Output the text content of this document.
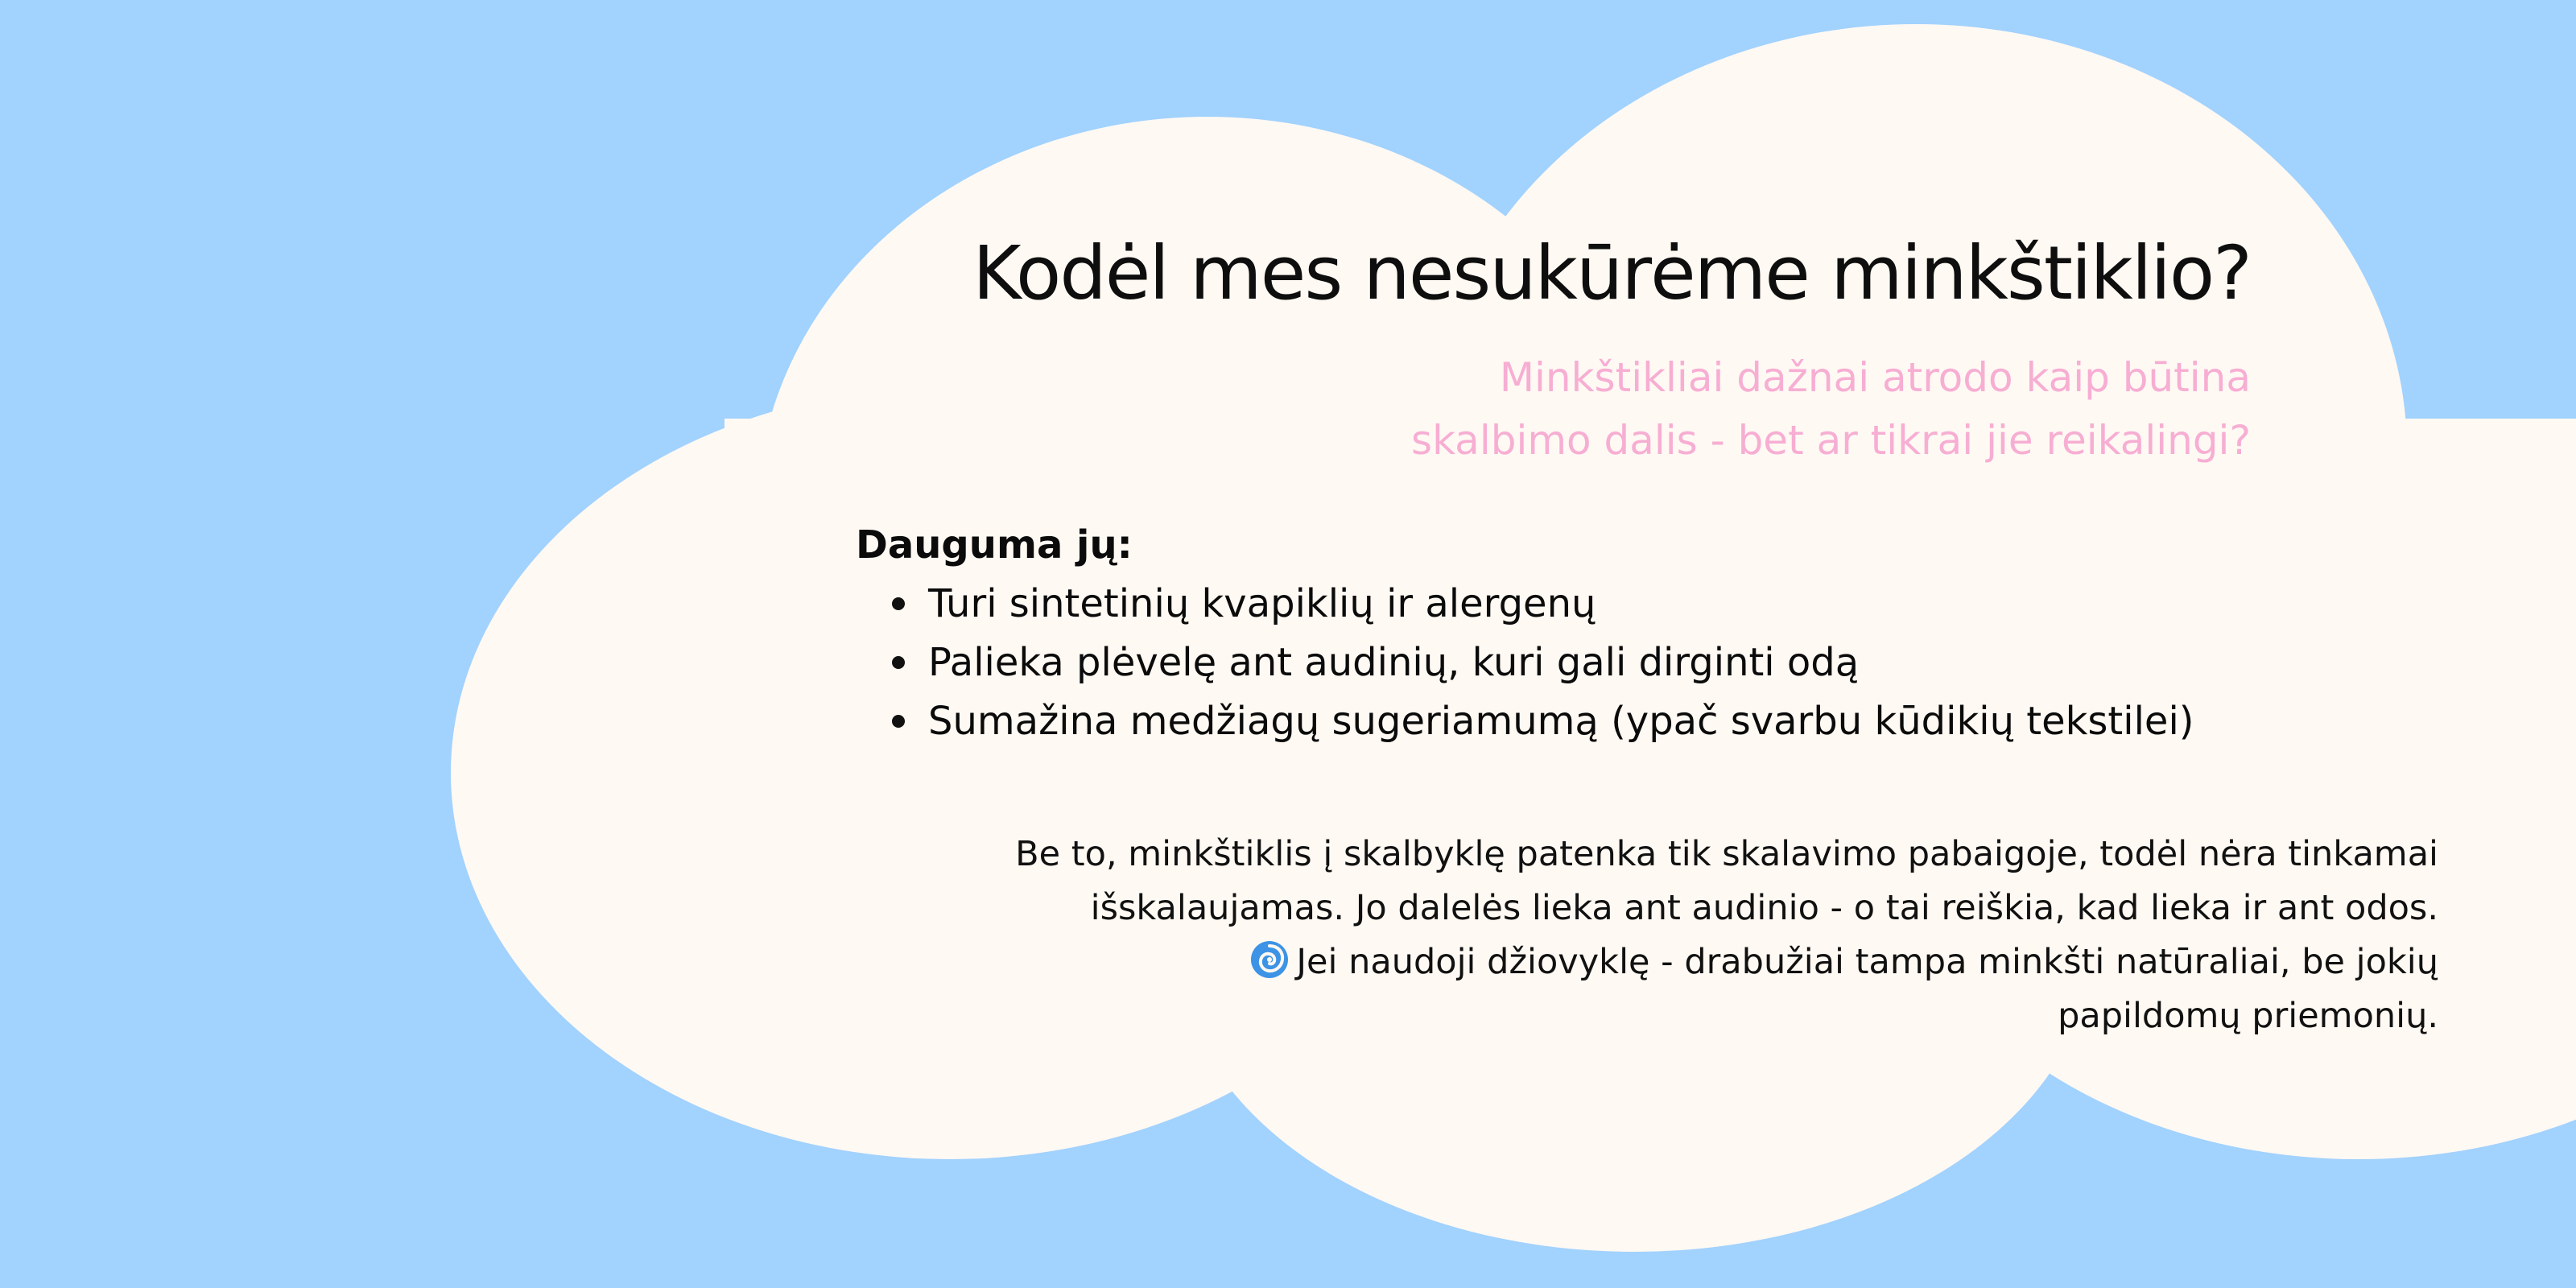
Kodėl mes nesukūrėme minkštiklio?
Minkštikliai dažnai atrodo kaip būtina
skalbimo dalis - bet ar tikrai jie reikalingi?
Dauguma jų:
Turi sintetinių kvapiklių ir alergenų
Palieka plėvelę ant audinių, kuri gali dirginti odą
Sumažina medžiagų sugeriamumą (ypač svarbu kūdikių tekstilei)
Be to, minkštiklis į skalbyklę patenka tik skalavimo pabaigoje, todėl nėra tinkamai
išskalaujamas. Jo dalelės lieka ant audinio - o tai reiškia, kad lieka ir ant odos.
Jei naudoji džiovyklę - drabužiai tampa minkšti natūraliai, be jokių
papildomų priemonių.
